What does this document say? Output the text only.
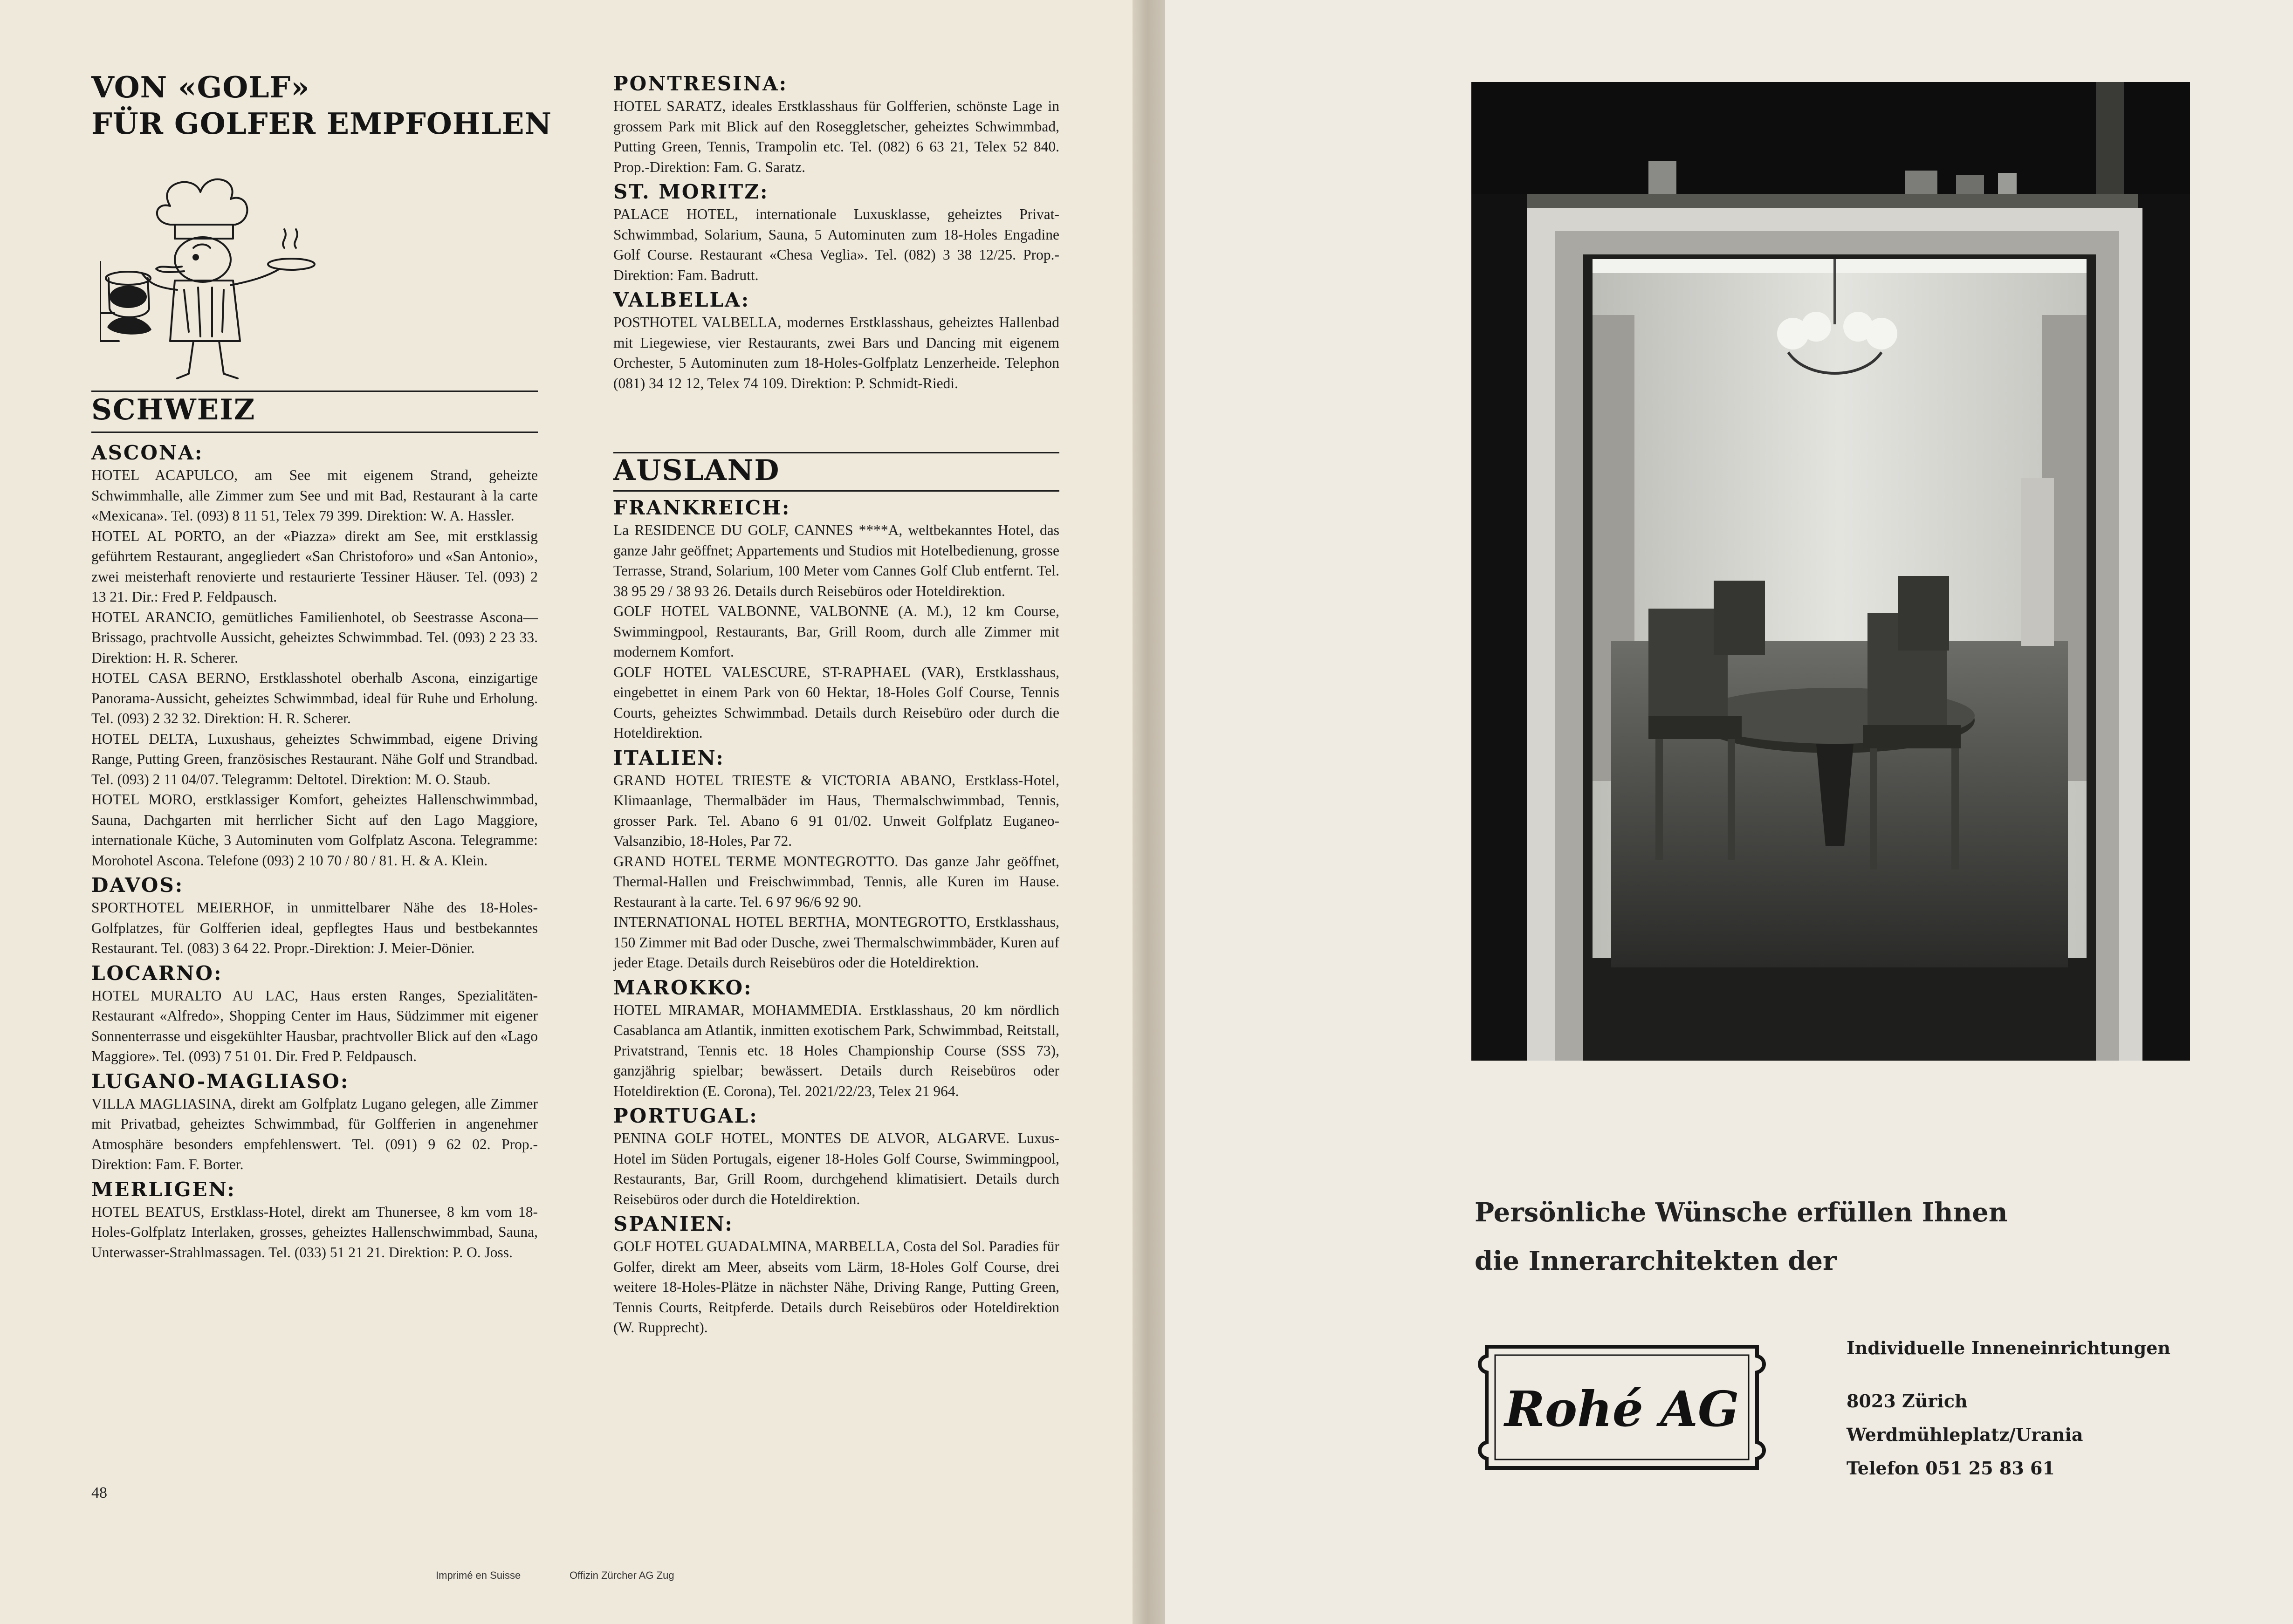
VON «GOLF»
FÜR GOLFER EMPFOHLEN
SCHWEIZ
ASCONA:
HOTEL ACAPULCO, am See mit eigenem Strand, geheizte Schwimmhalle, alle Zimmer zum See und mit Bad, Restaurant à la carte «Mexicana». Tel. (093) 8 11 51, Telex 79 399. Direktion: W. A. Hassler.
HOTEL AL PORTO, an der «Piazza» direkt am See, mit erstklassig geführtem Restaurant, angegliedert «San Christoforo» und «San Antonio», zwei meisterhaft renovierte und restaurierte Tessiner Häuser. Tel. (093) 2 13 21. Dir.: Fred P. Feldpausch.
HOTEL ARANCIO, gemütliches Familienhotel, ob Seestrasse Ascona—Brissago, prachtvolle Aussicht, geheiztes Schwimmbad. Tel. (093) 2 23 33. Direktion: H. R. Scherer.
HOTEL CASA BERNO, Erstklasshotel oberhalb Ascona, einzigartige Panorama-Aussicht, geheiztes Schwimmbad, ideal für Ruhe und Erholung. Tel. (093) 2 32 32. Direktion: H. R. Scherer.
HOTEL DELTA, Luxushaus, geheiztes Schwimmbad, eigene Driving Range, Putting Green, französisches Restaurant. Nähe Golf und Strandbad. Tel. (093) 2 11 04/07. Telegramm: Deltotel. Direktion: M. O. Staub.
HOTEL MORO, erstklassiger Komfort, geheiztes Hallenschwimmbad, Sauna, Dachgarten mit herrlicher Sicht auf den Lago Maggiore, internationale Küche, 3 Autominuten vom Golfplatz Ascona. Telegramme: Morohotel Ascona. Telefone (093) 2 10 70 / 80 / 81. H. & A. Klein.
DAVOS:
SPORTHOTEL MEIERHOF, in unmittelbarer Nähe des 18-Holes-Golfplatzes, für Golfferien ideal, gepflegtes Haus und bestbekanntes Restaurant. Tel. (083) 3 64 22. Propr.-Direktion: J. Meier-Dönier.
LOCARNO:
HOTEL MURALTO AU LAC, Haus ersten Ranges, Spezialitäten-Restaurant «Alfredo», Shopping Center im Haus, Südzimmer mit eigener Sonnenterrasse und eisgekühlter Hausbar, prachtvoller Blick auf den «Lago Maggiore». Tel. (093) 7 51 01. Dir. Fred P. Feldpausch.
LUGANO-MAGLIASO:
VILLA MAGLIASINA, direkt am Golfplatz Lugano gelegen, alle Zimmer mit Privatbad, geheiztes Schwimmbad, für Golfferien in angenehmer Atmosphäre besonders empfehlenswert. Tel. (091) 9 62 02. Prop.-Direktion: Fam. F. Borter.
MERLIGEN:
HOTEL BEATUS, Erstklass-Hotel, direkt am Thunersee, 8 km vom 18-Holes-Golfplatz Interlaken, grosses, geheiztes Hallenschwimmbad, Sauna, Unterwasser-Strahlmassagen. Tel. (033) 51 21 21. Direktion: P. O. Joss.
PONTRESINA:
HOTEL SARATZ, ideales Erstklasshaus für Golfferien, schönste Lage in grossem Park mit Blick auf den Roseggletscher, geheiztes Schwimmbad, Putting Green, Tennis, Trampolin etc. Tel. (082) 6 63 21, Telex 52 840. Prop.-Direktion: Fam. G. Saratz.
ST. MORITZ:
PALACE HOTEL, internationale Luxusklasse, geheiztes Privat-Schwimmbad, Solarium, Sauna, 5 Autominuten zum 18-Holes Engadine Golf Course. Restaurant «Chesa Veglia». Tel. (082) 3 38 12/25. Prop.-Direktion: Fam. Badrutt.
VALBELLA:
POSTHOTEL VALBELLA, modernes Erstklasshaus, geheiztes Hallenbad mit Liegewiese, vier Restaurants, zwei Bars und Dancing mit eigenem Orchester, 5 Autominuten zum 18-Holes-Golfplatz Lenzerheide. Telephon (081) 34 12 12, Telex 74 109. Direktion: P. Schmidt-Riedi.
AUSLAND
FRANKREICH:
La RESIDENCE DU GOLF, CANNES ****A, weltbekanntes Hotel, das ganze Jahr geöffnet; Appartements und Studios mit Hotelbedienung, grosse Terrasse, Strand, Solarium, 100 Meter vom Cannes Golf Club entfernt. Tel. 38 95 29 / 38 93 26. Details durch Reisebüros oder Hoteldirektion.
GOLF HOTEL VALBONNE, VALBONNE (A. M.), 12 km Course, Swimmingpool, Restaurants, Bar, Grill Room, durch alle Zimmer mit modernem Komfort.
GOLF HOTEL VALESCURE, ST-RAPHAEL (VAR), Erstklasshaus, eingebettet in einem Park von 60 Hektar, 18-Holes Golf Course, Tennis Courts, geheiztes Schwimmbad. Details durch Reisebüro oder durch die Hoteldirektion.
ITALIEN:
GRAND HOTEL TRIESTE & VICTORIA ABANO, Erstklass-Hotel, Klimaanlage, Thermalbäder im Haus, Thermalschwimmbad, Tennis, grosser Park. Tel. Abano 6 91 01/02. Unweit Golfplatz Euganeo-Valsanzibio, 18-Holes, Par 72.
GRAND HOTEL TERME MONTEGROTTO. Das ganze Jahr geöffnet, Thermal-Hallen und Freischwimmbad, Tennis, alle Kuren im Hause. Restaurant à la carte. Tel. 6 97 96/6 92 90.
INTERNATIONAL HOTEL BERTHA, MONTEGROTTO, Erstklasshaus, 150 Zimmer mit Bad oder Dusche, zwei Thermalschwimmbäder, Kuren auf jeder Etage. Details durch Reisebüros oder die Hoteldirektion.
MAROKKO:
HOTEL MIRAMAR, MOHAMMEDIA. Erstklasshaus, 20 km nördlich Casablanca am Atlantik, inmitten exotischem Park, Schwimmbad, Reitstall, Privatstrand, Tennis etc. 18 Holes Championship Course (SSS 73), ganzjährig spielbar; bewässert. Details durch Reisebüros oder Hoteldirektion (E. Corona), Tel. 2021/22/23, Telex 21 964.
PORTUGAL:
PENINA GOLF HOTEL, MONTES DE ALVOR, ALGARVE. Luxus-Hotel im Süden Portugals, eigener 18-Holes Golf Course, Swimmingpool, Restaurants, Bar, Grill Room, durchgehend klimatisiert. Details durch Reisebüros oder durch die Hoteldirektion.
SPANIEN:
GOLF HOTEL GUADALMINA, MARBELLA, Costa del Sol. Paradies für Golfer, direkt am Meer, abseits vom Lärm, 18-Holes Golf Course, drei weitere 18-Holes-Plätze in nächster Nähe, Driving Range, Putting Green, Tennis Courts, Reitpferde. Details durch Reisebüros oder Hoteldirektion (W. Rupprecht).
48
Imprimé en Suisse	Offizin Zürcher AG Zug
Persönliche Wünsche erfüllen Ihnen
die Innerarchitekten der
Rohé AG
Individuelle Inneneinrichtungen
8023 Zürich
Werdmühleplatz/Urania
Telefon 051 25 83 61
